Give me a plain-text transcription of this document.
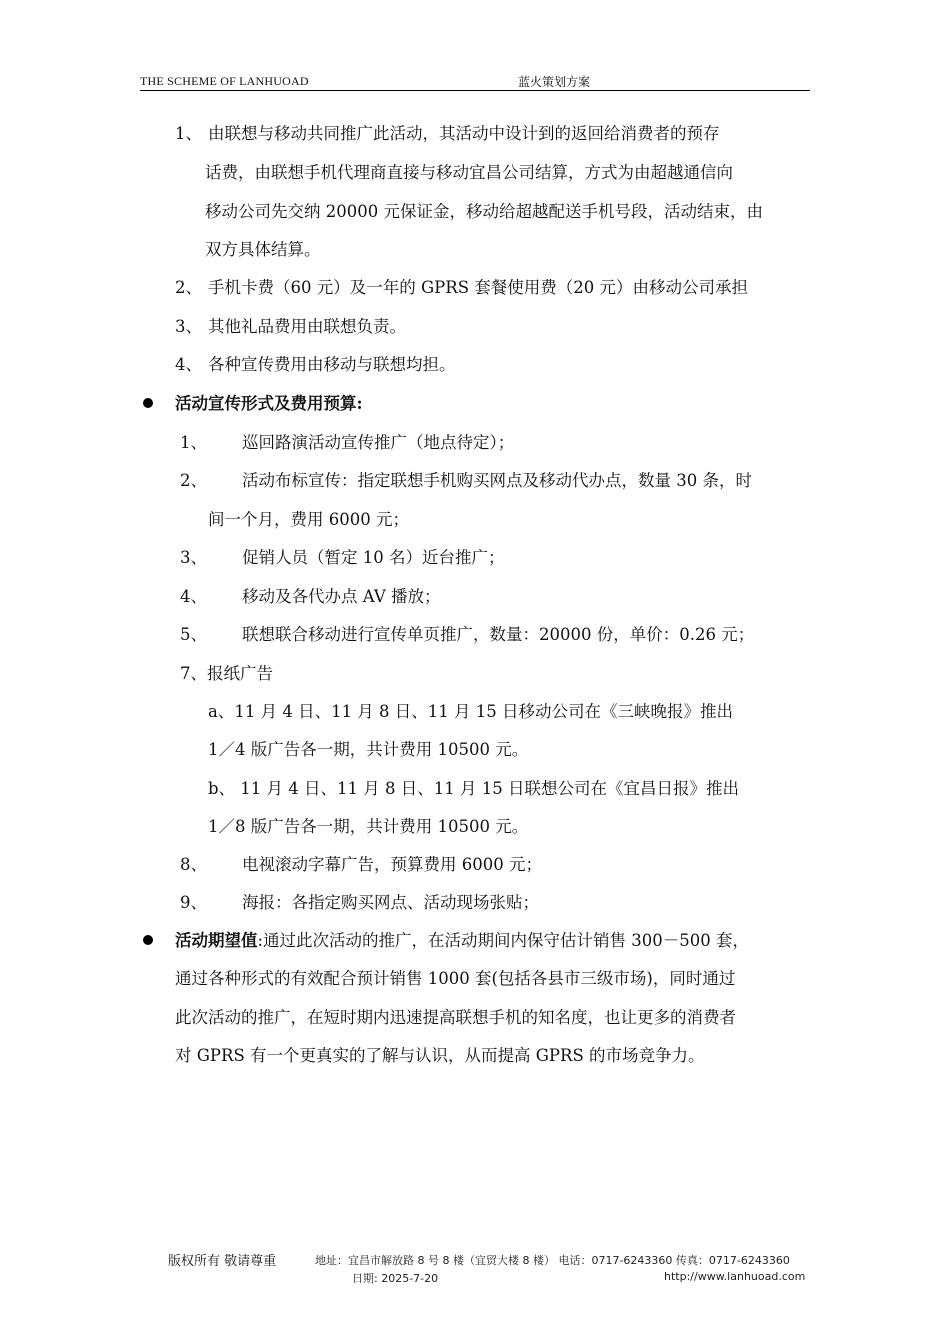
THE SCHEME OF LANHUOAD	蓝火策划方案
1、 由联想与移动共同推广此活动，其活动中设计到的返回给消费者的预存
话费，由联想手机代理商直接与移动宜昌公司结算，方式为由超越通信向
移动公司先交纳 20000 元保证金，移动给超越配送手机号段，活动结束，由
双方具体结算。
2、 手机卡费（60 元）及一年的 GPRS 套餐使用费（20 元）由移动公司承担
3、 其他礼品费用由联想负责。
4、 各种宣传费用由移动与联想均担。
活动宣传形式及费用预算:
1、 巡回路演活动宣传推广（地点待定）；
2、 活动布标宣传：指定联想手机购买网点及移动代办点，数量 30 条，时
间一个月，费用 6000 元；
3、 促销人员（暂定 10 名）近台推广；
4、 移动及各代办点 AV 播放；
5、 联想联合移动进行宣传单页推广，数量：20000 份，单价：0.26 元；
7、报纸广告
a、11 月 4 日、11 月 8 日、11 月 15 日移动公司在《三峡晚报》推出
1／4 版广告各一期，共计费用 10500 元。
b、 11 月 4 日、11 月 8 日、11 月 15 日联想公司在《宜昌日报》推出
1／8 版广告各一期，共计费用 10500 元。
8、 电视滚动字幕广告，预算费用 6000 元；
9、 海报：各指定购买网点、活动现场张贴；
活动期望值:通过此次活动的推广，在活动期间内保守估计销售 300－500 套，
通过各种形式的有效配合预计销售 1000 套(包括各县市三级市场)，同时通过
此次活动的推广，在短时期内迅速提高联想手机的知名度，也让更多的消费者
对 GPRS 有一个更真实的了解与认识，从而提高 GPRS 的市场竞争力。
版权所有 敬请尊重	地址：宜昌市解放路 8 号 8 楼（宜贸大楼 8 楼） 电话：0717-6243360 传真：0717-6243360
日期: 2025-7-20	http://www.lanhuoad.com
